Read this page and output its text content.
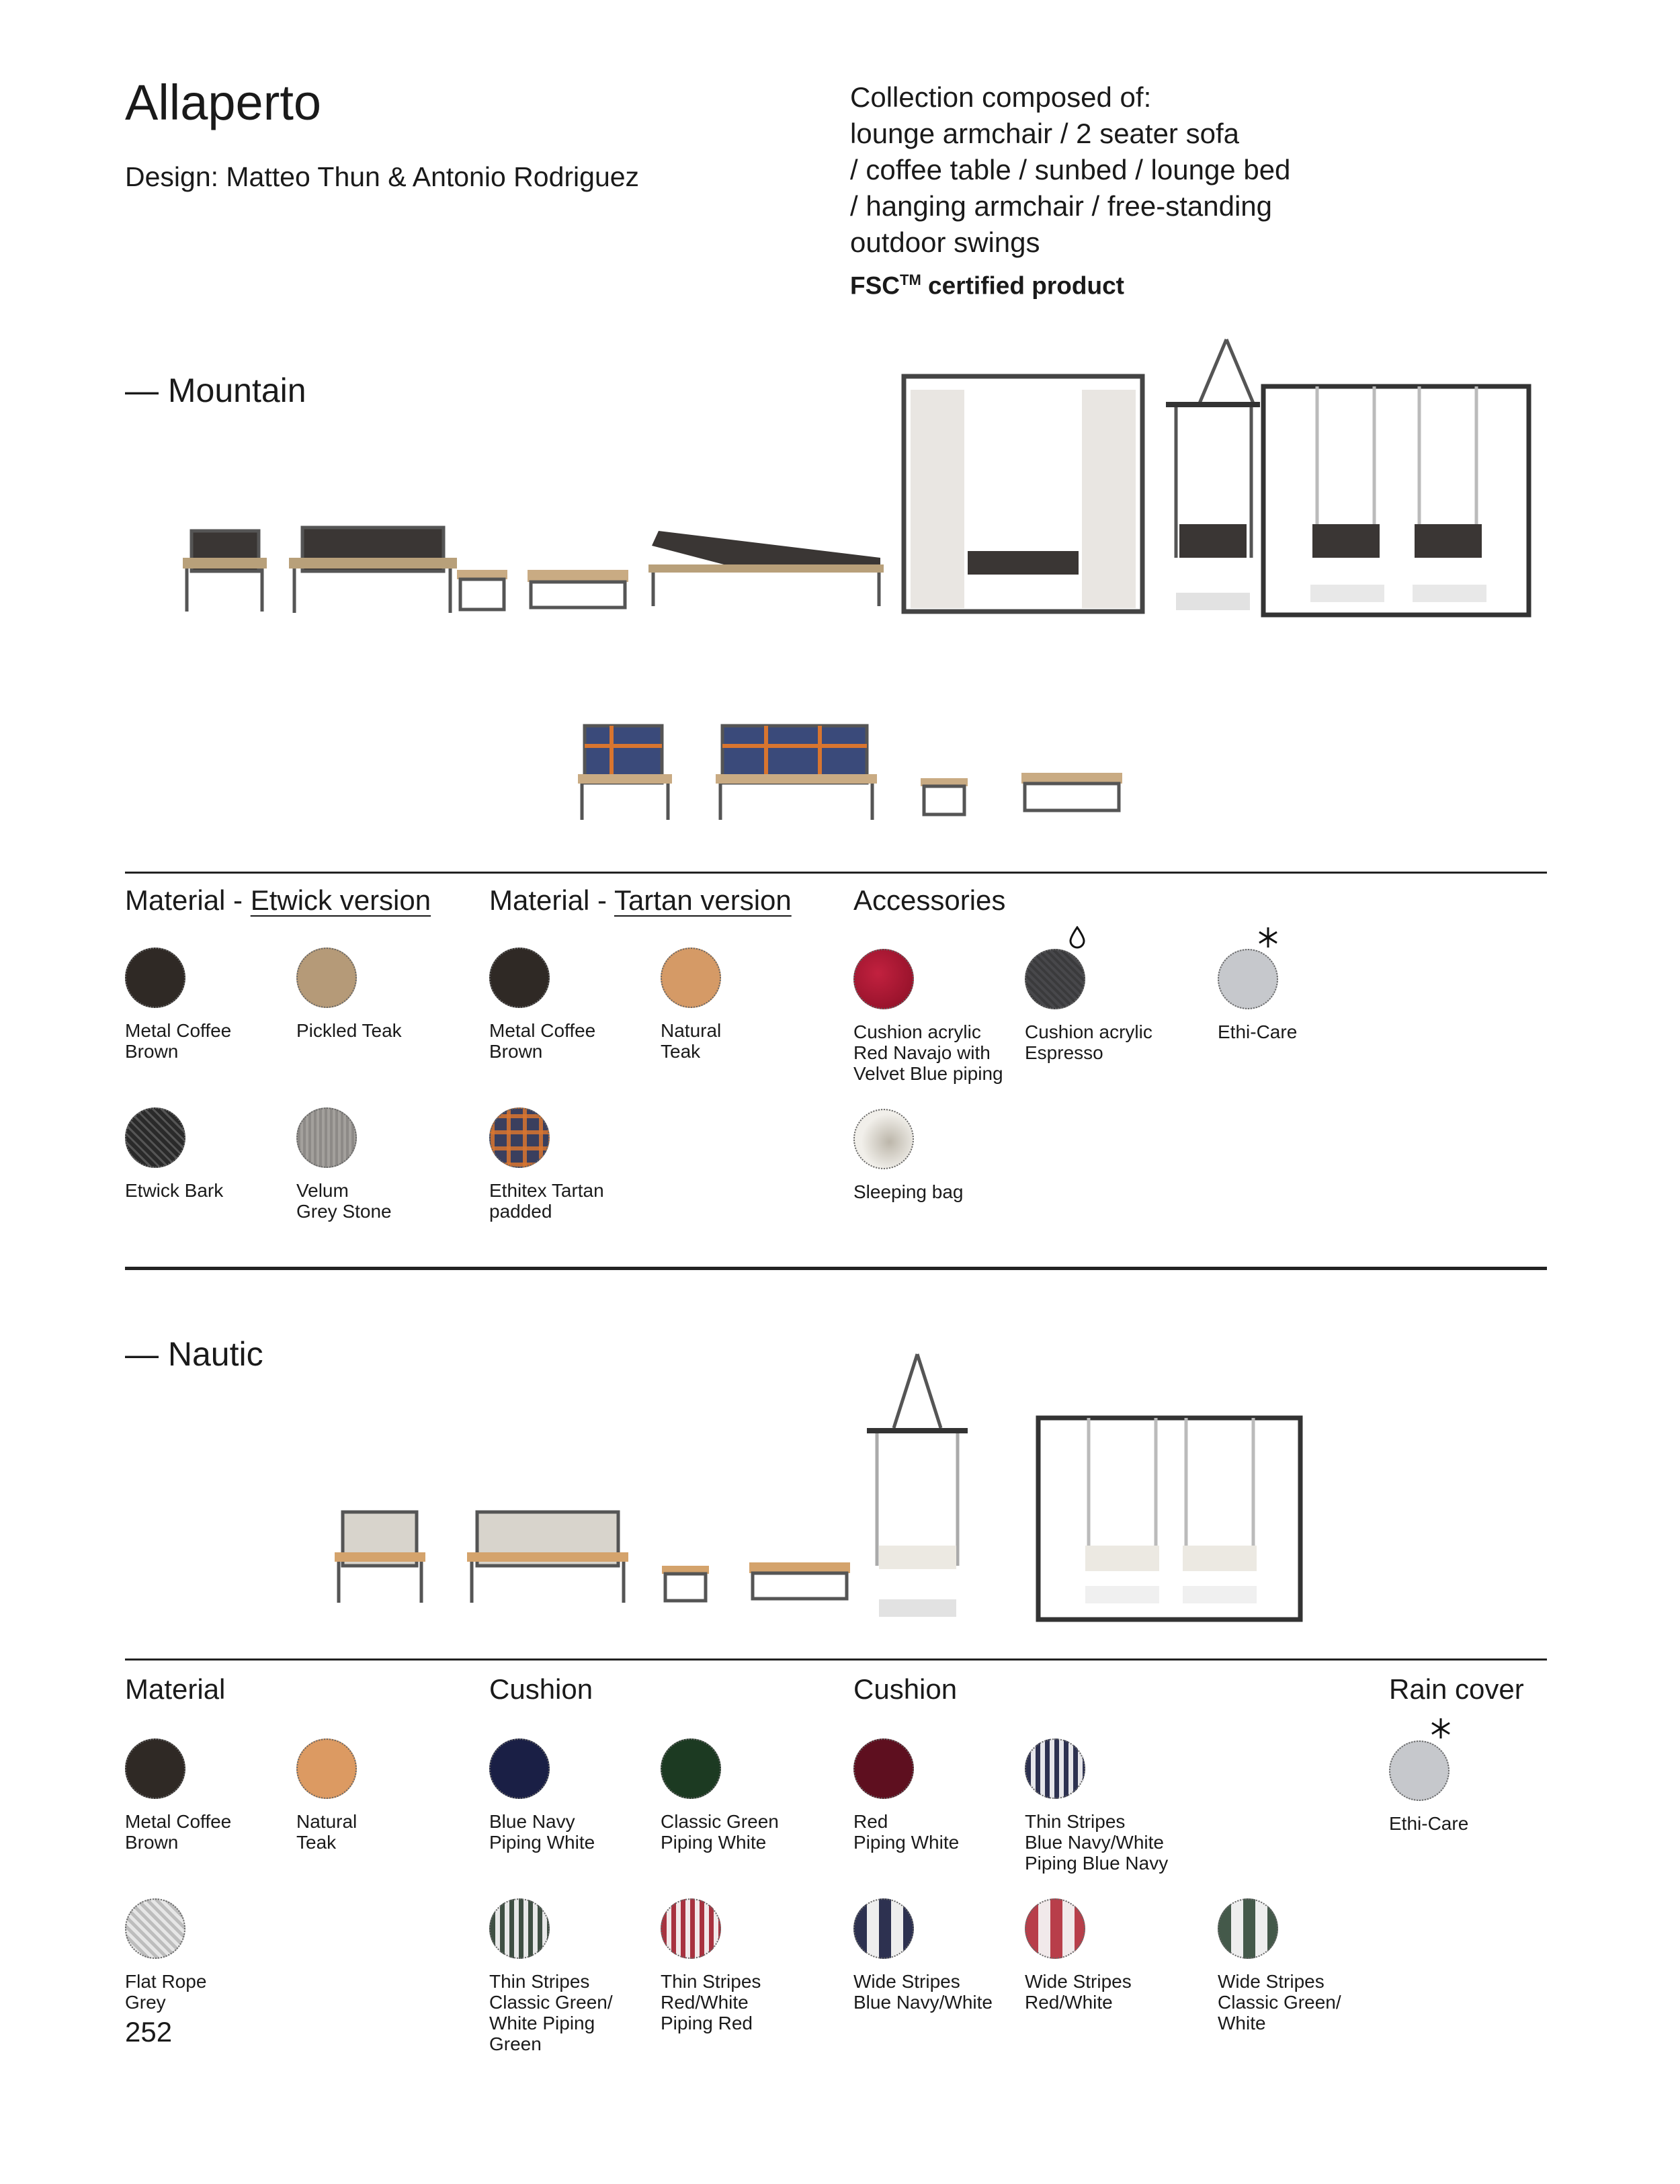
Allaperto
Design: Matteo Thun & Antonio Rodriguez
Collection composed of:
lounge armchair / 2 seater sofa
/ coffee table / sunbed / lounge bed
/ hanging armchair / free-standing
outdoor swings
FSC™ certified product
— Mountain
Material - Etwick version
Metal Coffee
Brown
Pickled Teak
Etwick Bark	Velum
Grey Stone
Material - Tartan version
Metal Coffee
Brown
Natural
Teak
Ethitex Tartan
padded
Accessories
Cushion acrylic
Red Navajo with
Velvet Blue piping
Cushion acrylic
Espresso
Ethi-Care
Sleeping bag
— Nautic
Material
Metal Coffee
Brown
Natural
Teak
Flat Rope
Grey
Cushion
Blue Navy
Piping White
Classic Green
Piping White
Thin Stripes
Classic Green/
White Piping
Green
Thin Stripes
Red/White
Piping Red
Cushion
Red
Piping White
Thin Stripes
Blue Navy/White
Piping Blue Navy
Wide Stripes
Blue Navy/White
Wide Stripes
Red/White
Wide Stripes
Classic Green/
White
Rain cover
Ethi-Care
252
